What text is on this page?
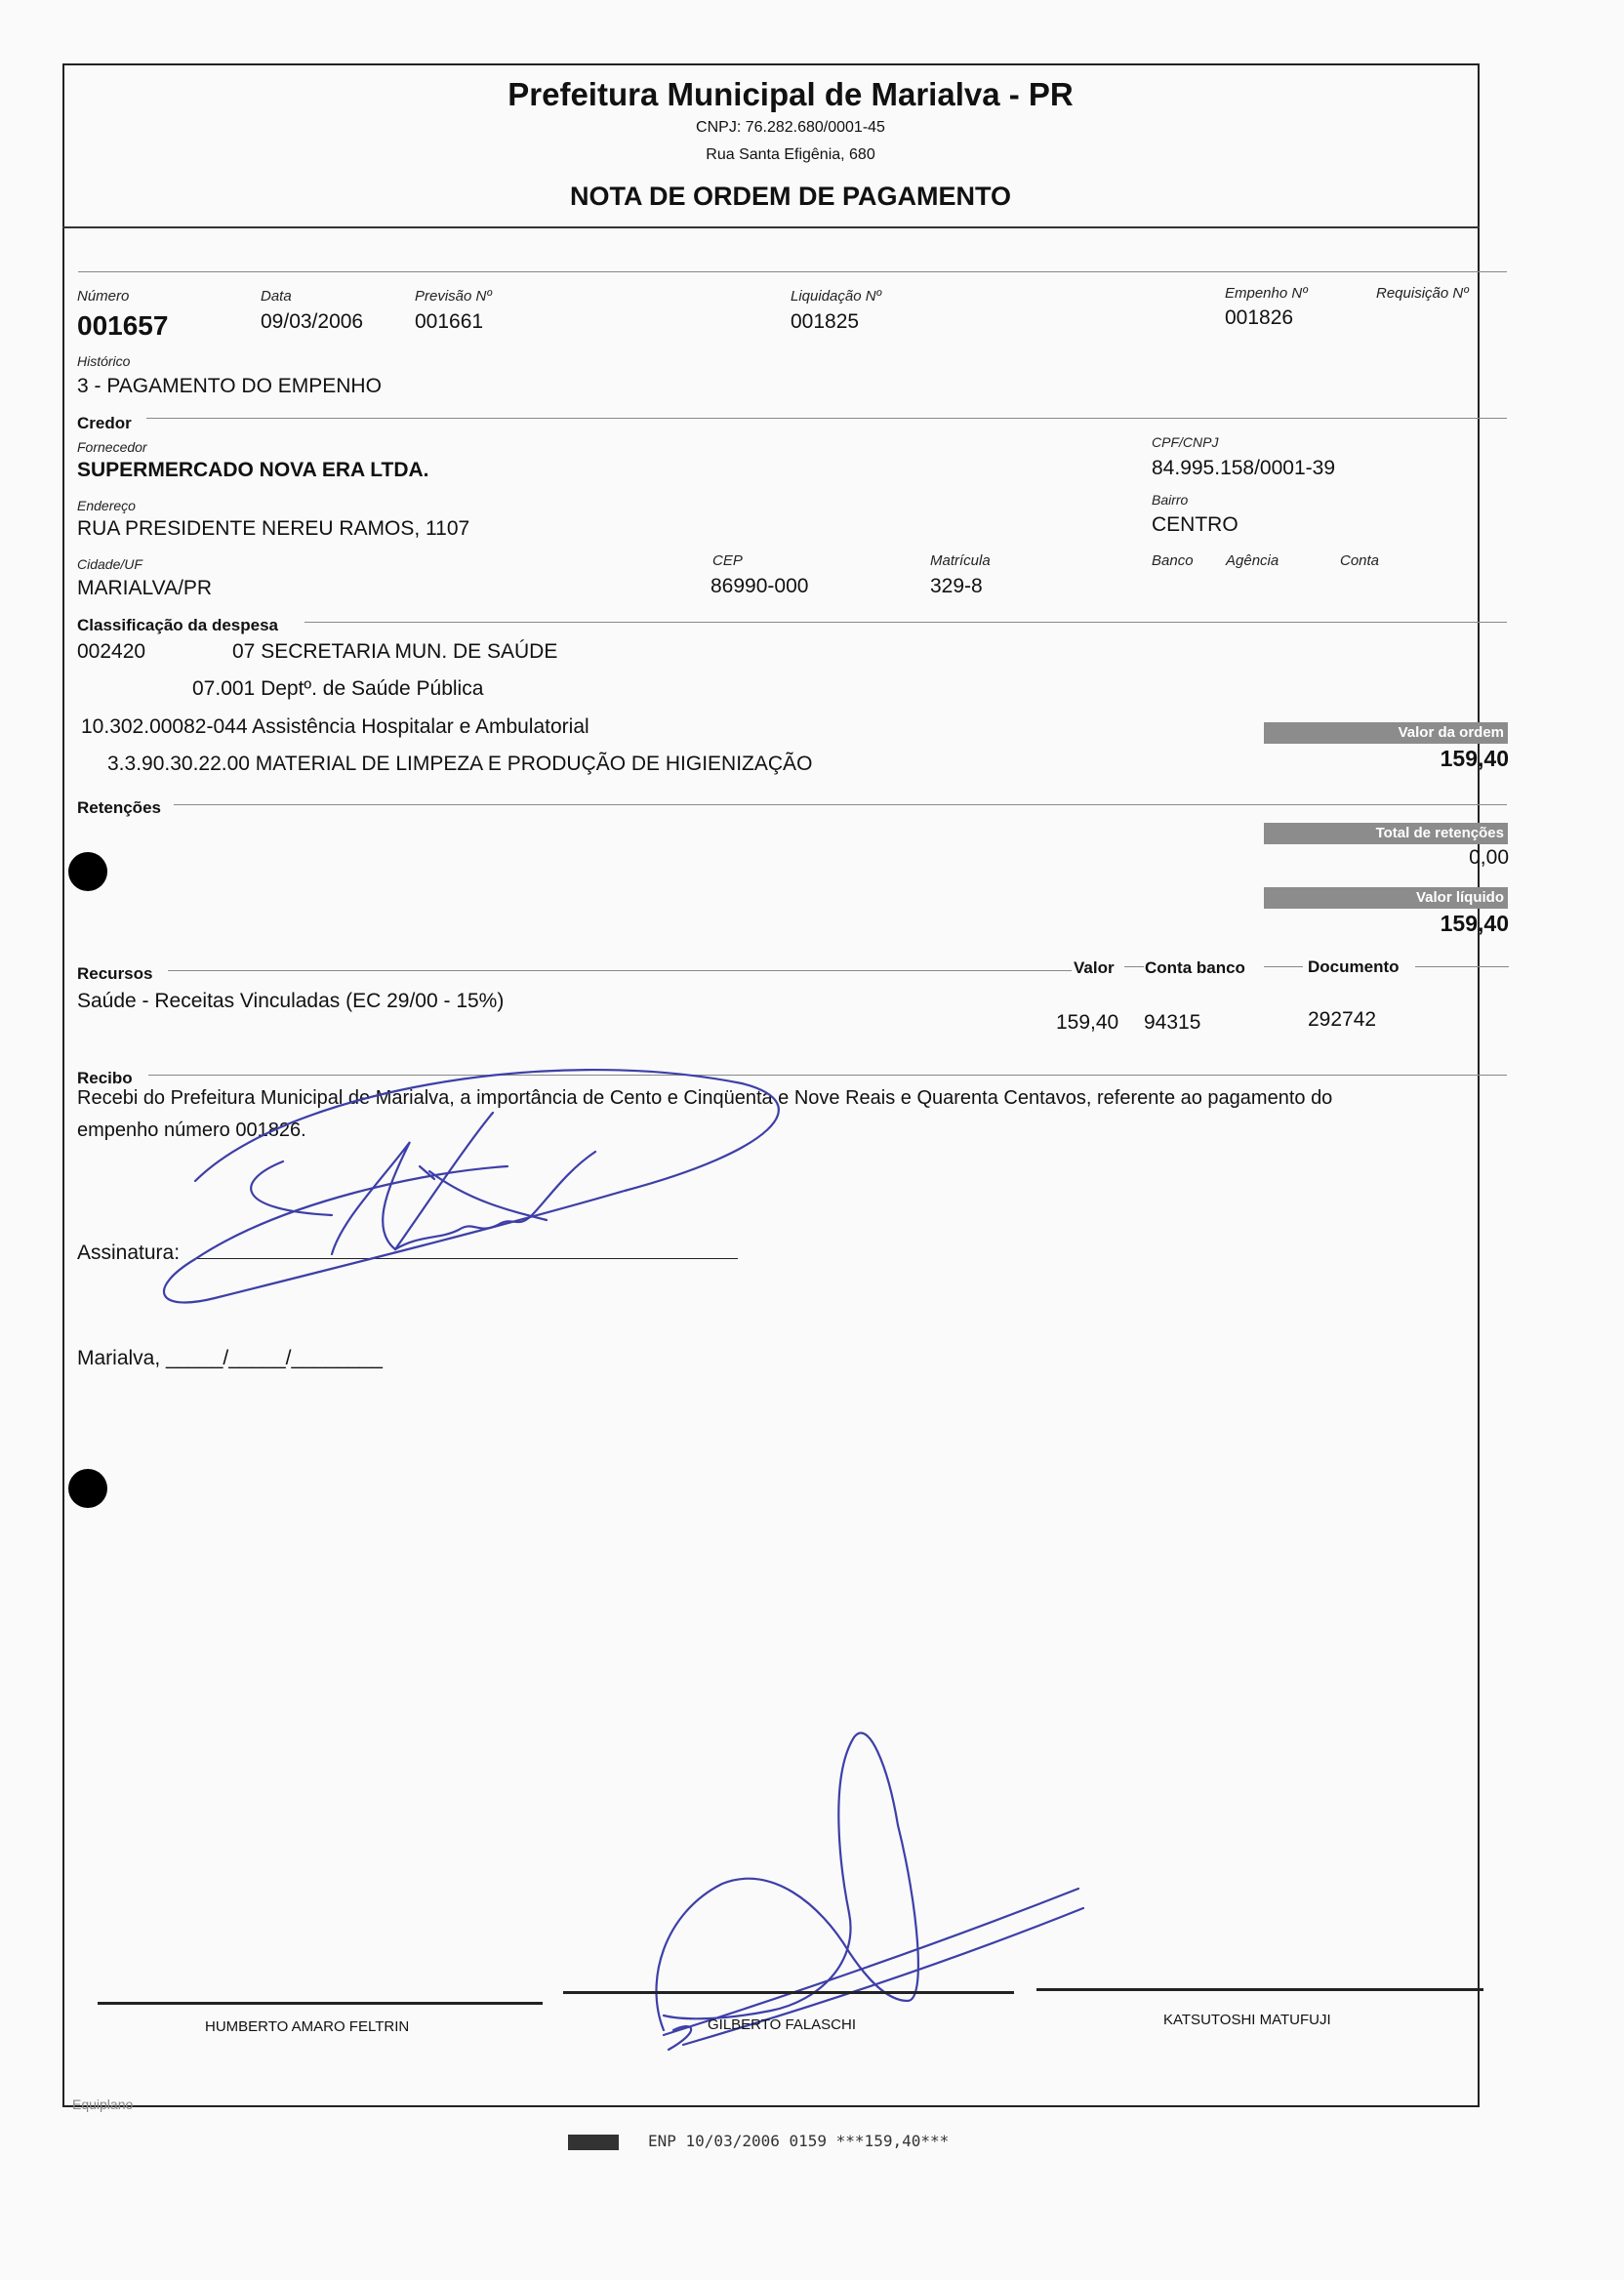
Prefeitura Municipal de Marialva - PR
CNPJ: 76.282.680/0001-45
Rua Santa Efigênia, 680
NOTA DE ORDEM DE PAGAMENTO
Número
001657
Data
09/03/2006
Previsão Nº
001661
Liquidação Nº
001825
Empenho Nº
001826
Requisição Nº
Histórico
3 - PAGAMENTO DO EMPENHO
Credor
Fornecedor
SUPERMERCADO NOVA ERA LTDA.
CPF/CNPJ
84.995.158/0001-39
Endereço
RUA PRESIDENTE NEREU RAMOS, 1107
Bairro
CENTRO
Cidade/UF
MARIALVA/PR
CEP
86990-000
Matrícula
329-8
Banco Agência	Conta
Classificação da despesa
002420	07 SECRETARIA MUN. DE SAÚDE
07.001 Deptº. de Saúde Pública
10.302.00082-044 Assistência Hospitalar e Ambulatorial
3.3.90.30.22.00 MATERIAL DE LIMPEZA E PRODUÇÃO DE HIGIENIZAÇÃO
Valor da ordem
159,40
Retenções
Total de retenções
0,00
Valor líquido
159,40
Recursos	Valor Conta banco	Documento
Saúde - Receitas Vinculadas (EC 29/00 - 15%)
159,40 94315	292742
Recibo
Recebi do Prefeitura Municipal de Marialva, a importância de Cento e Cinqüenta e Nove Reais e Quarenta Centavos, referente ao pagamento do
empenho número 001826.
Assinatura:
Marialva, _____/_____/________
HUMBERTO AMARO FELTRIN	GILBERTO FALASCHI	KATSUTOSHI MATUFUJI
Equiplano
ENP 10/03/2006 0159 ***159,40***
